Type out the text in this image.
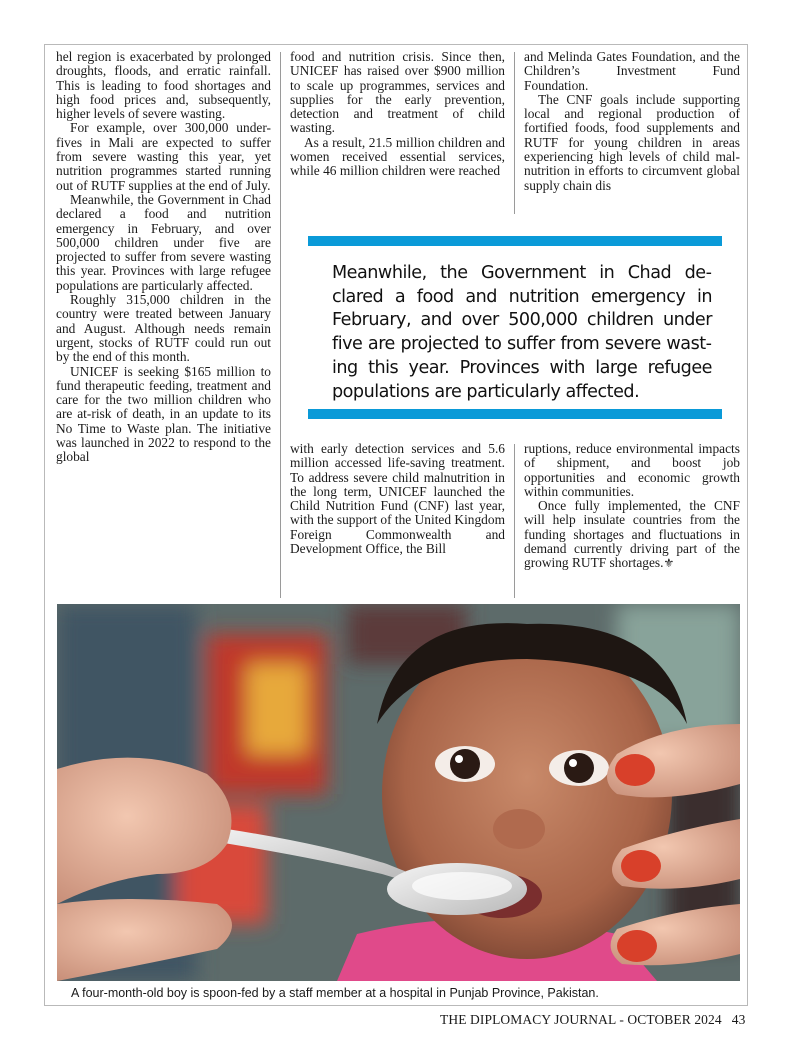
hel region is exacerbated by prolonged droughts, floods, and erratic rainfall. This is leading to food shortages and high food prices and, subsequently, higher levels of severe wasting.

For example, over 300,000 under-fives in Mali are expected to suffer from severe wasting this year, yet nutrition programmes started running out of RUTF supplies at the end of July.

Meanwhile, the Government in Chad declared a food and nutrition emergency in February, and over 500,000 children under five are projected to suffer from severe wasting this year. Provinces with large refugee populations are particularly affected.

Roughly 315,000 children in the country were treated between January and August. Although needs remain urgent, stocks of RUTF could run out by the end of this month.

UNICEF is seeking $165 million to fund therapeutic feeding, treatment and care for the two million children who are at-risk of death, in an update to its No Time to Waste plan. The initiative was launched in 2022 to respond to the global

food and nutrition crisis. Since then, UNICEF has raised over $900 million to scale up programmes, services and supplies for the early prevention, detection and treatment of child wasting.

As a result, 21.5 million children and women received essential services, while 46 million children were reached

and Melinda Gates Foundation, and the Children’s Investment Fund Foundation.

The CNF goals include supporting local and regional production of fortified foods, food supplements and RUTF for young children in areas experiencing high levels of child malnutrition in efforts to circumvent global supply chain dis

Meanwhile, the Government in Chad declared a food and nutrition emergency in February, and over 500,000 children under five are projected to suffer from severe wasting this year. Provinces with large refugee populations are particularly affected.

with early detection services and 5.6 million accessed life-saving treatment. To address severe child malnutrition in the long term, UNICEF launched the Child Nutrition Fund (CNF) last year, with the support of the United Kingdom Foreign Commonwealth and Development Office, the Bill

ruptions, reduce environmental impacts of shipment, and boost job opportunities and economic growth within communities.

Once fully implemented, the CNF will help insulate countries from the funding shortages and fluctuations in demand currently driving part of the growing RUTF shortages.⚜

A four-month-old boy is spoon-fed by a staff member at a hospital in Punjab Province, Pakistan.
THE DIPLOMACY JOURNAL - OCTOBER 2024 43
